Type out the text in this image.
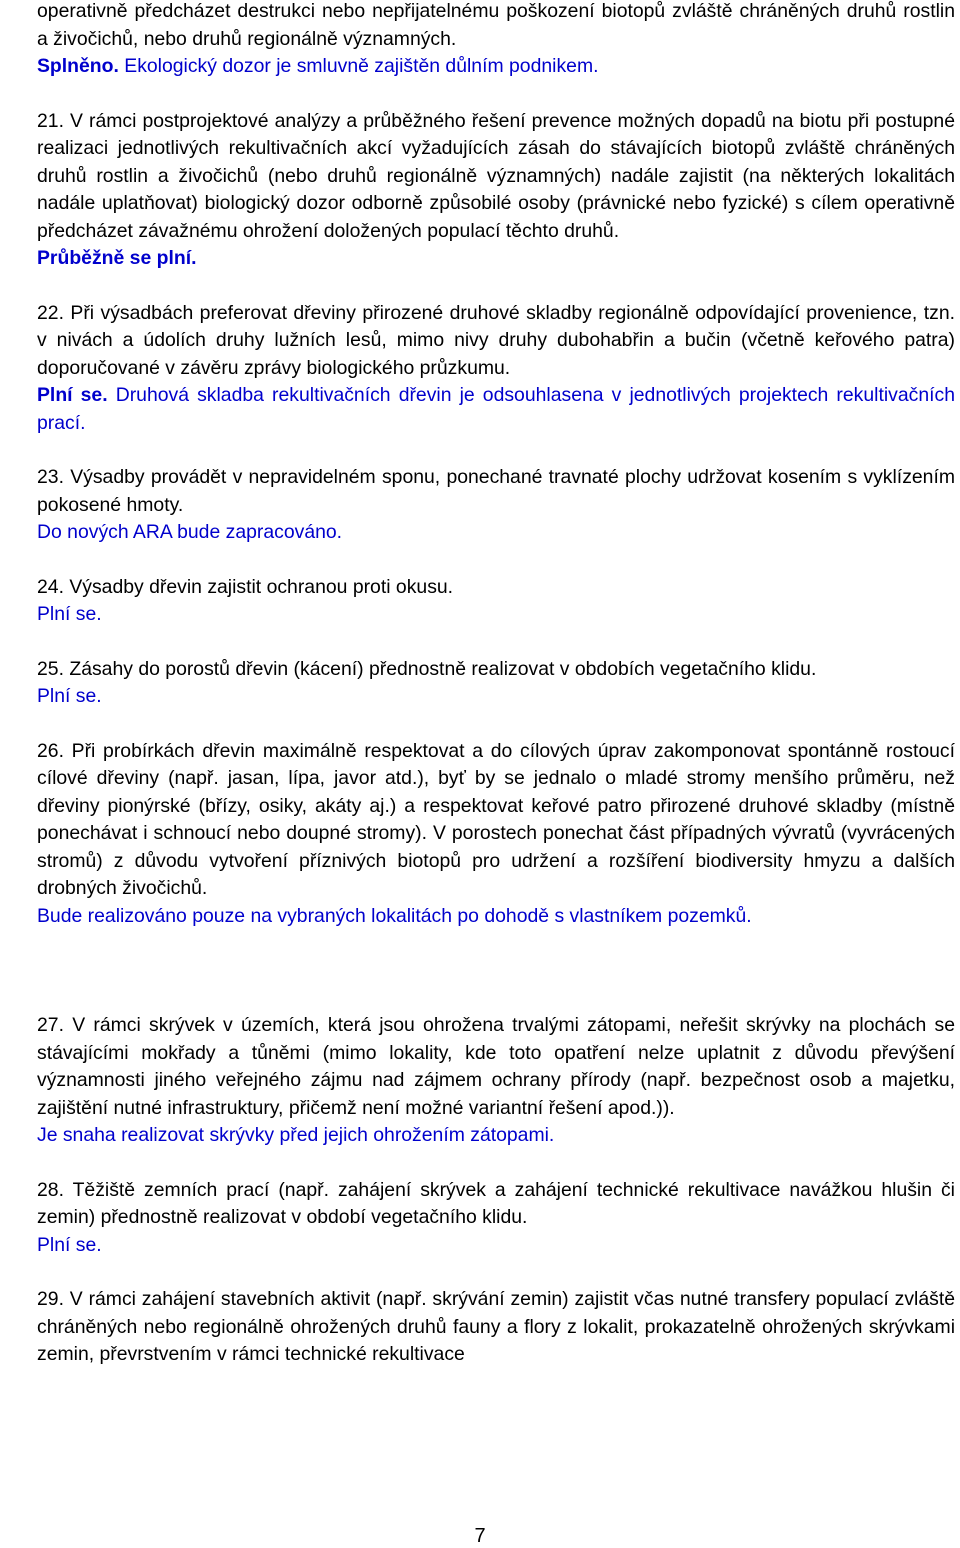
operativně předcházet destrukci nebo nepřijatelnému poškození biotopů zvláště chráněných druhů rostlin a živočichů, nebo druhů regionálně významných.
Splněno. Ekologický dozor je smluvně zajištěn důlním podnikem.

21. V rámci postprojektové analýzy a průběžného řešení prevence možných dopadů na biotu při postupné realizaci jednotlivých rekultivačních akcí vyžadujících zásah do stávajících biotopů zvláště chráněných druhů rostlin a živočichů (nebo druhů regionálně významných) nadále zajistit (na některých lokalitách nadále uplatňovat) biologický dozor odborně způsobilé osoby (právnické nebo fyzické) s cílem operativně předcházet závažnému ohrožení doložených populací těchto druhů.

Průběžně se plní.

22. Při výsadbách preferovat dřeviny přirozené druhové skladby regionálně odpovídající provenience, tzn. v nivách a údolích druhy lužních lesů, mimo nivy druhy dubohabřin a bučin (včetně keřového patra) doporučované v závěru zprávy biologického průzkumu.

Plní se. Druhová skladba rekultivačních dřevin je odsouhlasena v jednotlivých projektech rekultivačních prací.

23. Výsadby provádět v nepravidelném sponu, ponechané travnaté plochy udržovat kosením s vyklízením pokosené hmoty.

Do nových ARA bude zapracováno.

24. Výsadby dřevin zajistit ochranou proti okusu.

Plní se.

25. Zásahy do porostů dřevin (kácení) přednostně realizovat v obdobích vegetačního klidu.

Plní se.

26. Při probírkách dřevin maximálně respektovat a do cílových úprav zakomponovat spontánně rostoucí cílové dřeviny (např. jasan, lípa, javor atd.), byť by se jednalo o mladé stromy menšího průměru, než dřeviny pionýrské (břízy, osiky, akáty aj.) a respektovat keřové patro přirozené druhové skladby (místně ponechávat i schnoucí nebo doupné stromy). V porostech ponechat část případných vývratů (vyvrácených stromů) z důvodu vytvoření příznivých biotopů pro udržení a rozšíření biodiversity hmyzu a dalších drobných živočichů.

Bude realizováno pouze na vybraných lokalitách po dohodě s vlastníkem pozemků.

27. V rámci skrývek v územích, která jsou ohrožena trvalými zátopami, neřešit skrývky na plochách se stávajícími mokřady a tůněmi (mimo lokality, kde toto opatření nelze uplatnit z důvodu převýšení významnosti jiného veřejného zájmu nad zájmem ochrany přírody (např. bezpečnost osob a majetku, zajištění nutné infrastruktury, přičemž není možné variantní řešení apod.)).

Je snaha realizovat skrývky před jejich ohrožením zátopami.

28. Těžiště zemních prací (např. zahájení skrývek a zahájení technické rekultivace navážkou hlušin či zemin) přednostně realizovat v období vegetačního klidu.

Plní se.

29. V rámci zahájení stavebních aktivit (např. skrývání zemin) zajistit včas nutné transfery populací zvláště chráněných nebo regionálně ohrožených druhů fauny a flory z lokalit, prokazatelně ohrožených skrývkami zemin, převrstvením v rámci technické rekultivace

7
